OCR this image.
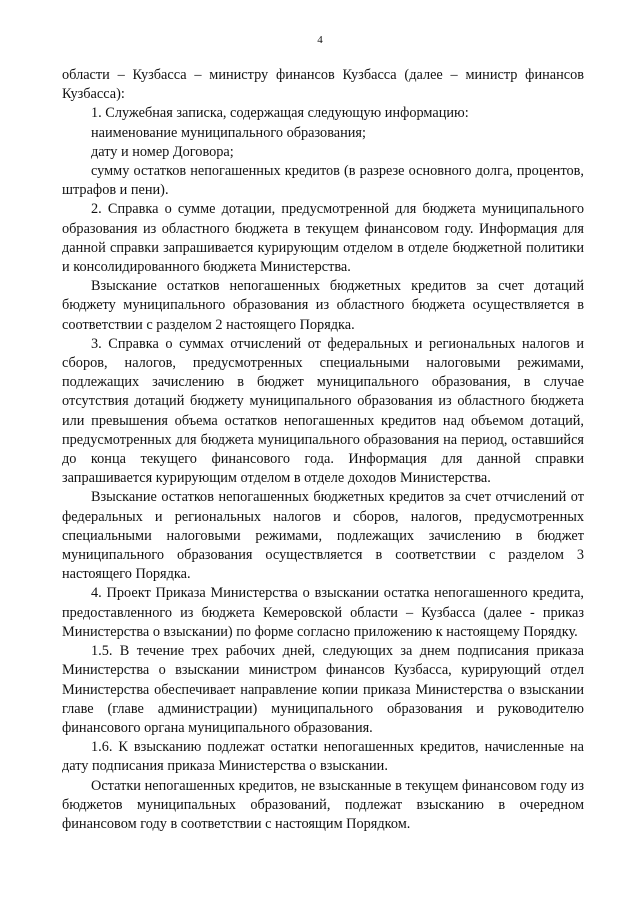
4

области – Кузбасса – министру финансов Кузбасса (далее – министр финансов Кузбасса):

1. Служебная записка, содержащая следующую информацию:

наименование муниципального образования;

дату и номер Договора;

сумму остатков непогашенных кредитов (в разрезе основного долга, процентов, штрафов и пени).

2. Справка о сумме дотации, предусмотренной для бюджета муниципального образования из областного бюджета в текущем финансовом году. Информация для данной справки запрашивается курирующим отделом в отделе бюджетной политики и консолидированного бюджета Министерства.

Взыскание остатков непогашенных бюджетных кредитов за счет дотаций бюджету муниципального образования из областного бюджета осуществляется в соответствии с разделом 2 настоящего Порядка.

3. Справка о суммах отчислений от федеральных и региональных налогов и сборов, налогов, предусмотренных специальными налоговыми режимами, подлежащих зачислению в бюджет муниципального образования, в случае отсутствия дотаций бюджету муниципального образования из областного бюджета или превышения объема остатков непогашенных кредитов над объемом дотаций, предусмотренных для бюджета муниципального образования на период, оставшийся до конца текущего финансового года. Информация для данной справки запрашивается курирующим отделом в отделе доходов Министерства.

Взыскание остатков непогашенных бюджетных кредитов за счет отчислений от федеральных и региональных налогов и сборов, налогов, предусмотренных специальными налоговыми режимами, подлежащих зачислению в бюджет муниципального образования осуществляется в соответствии с разделом 3 настоящего Порядка.

4. Проект Приказа Министерства о взыскании остатка непогашенного кредита, предоставленного из бюджета Кемеровской области – Кузбасса (далее - приказ Министерства о взыскании) по форме согласно приложению к настоящему Порядку.

1.5. В течение трех рабочих дней, следующих за днем подписания приказа Министерства о взыскании министром финансов Кузбасса, курирующий отдел Министерства обеспечивает направление копии приказа Министерства о взыскании главе (главе администрации) муниципального образования и руководителю финансового органа муниципального образования.

1.6. К взысканию подлежат остатки непогашенных кредитов, начисленные на дату подписания приказа Министерства о взыскании.

Остатки непогашенных кредитов, не взысканные в текущем финансовом году из бюджетов муниципальных образований, подлежат взысканию в очередном финансовом году в соответствии с настоящим Порядком.
